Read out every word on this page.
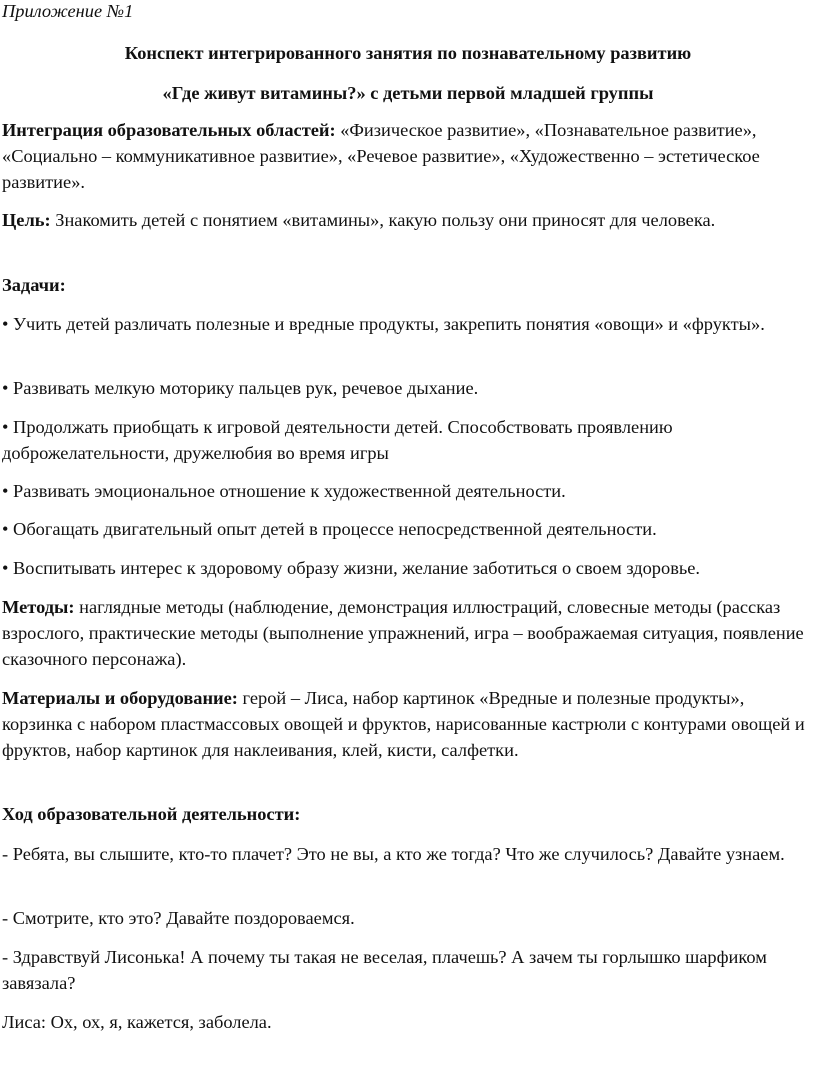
Приложение №1

Конспект интегрированного занятия по познавательному развитию

«Где живут витамины?» с детьми первой младшей группы

Интеграция образовательных областей: «Физическое развитие», «Познавательное развитие», «Социально – коммуникативное развитие», «Речевое развитие», «Художественно – эстетическое развитие».

Цель: Знакомить детей с понятием «витамины», какую пользу они приносят для человека.

Задачи:

• Учить детей различать полезные и вредные продукты, закрепить понятия «овощи» и «фрукты».

• Развивать мелкую моторику пальцев рук, речевое дыхание.

• Продолжать приобщать к игровой деятельности детей. Способствовать проявлению доброжелательности, дружелюбия во время игры

• Развивать эмоциональное отношение к художественной деятельности.

• Обогащать двигательный опыт детей в процессе непосредственной деятельности.

• Воспитывать интерес к здоровому образу жизни, желание заботиться о своем здоровье.

Методы: наглядные методы (наблюдение, демонстрация иллюстраций, словесные методы (рассказ взрослого, практические методы (выполнение упражнений, игра – воображаемая ситуация, появление сказочного персонажа).

Материалы и оборудование: герой – Лиса, набор картинок «Вредные и полезные продукты», корзинка с набором пластмассовых овощей и фруктов, нарисованные кастрюли с контурами овощей и фруктов, набор картинок для наклеивания, клей, кисти, салфетки.

Ход образовательной деятельности:

- Ребята, вы слышите, кто-то плачет? Это не вы, а кто же тогда? Что же случилось? Давайте узнаем.

- Смотрите, кто это? Давайте поздороваемся.

- Здравствуй Лисонька! А почему ты такая не веселая, плачешь? А зачем ты горлышко шарфиком завязала?

Лиса: Ох, ох, я, кажется, заболела.
